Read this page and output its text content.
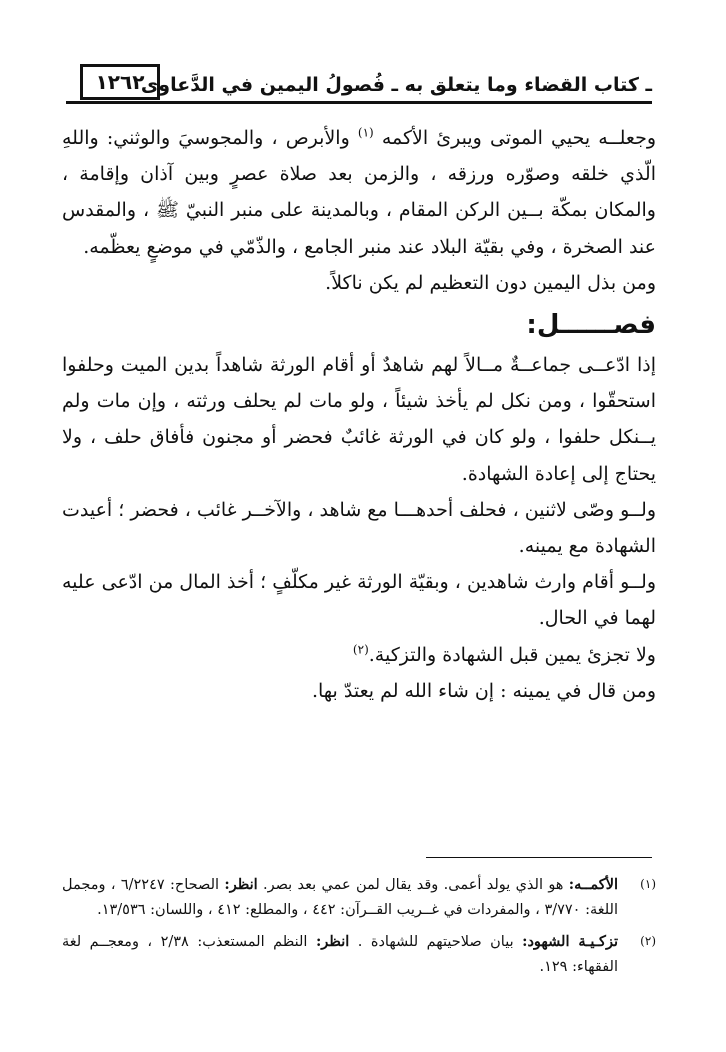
١٢٦٢
ـ كتاب القضاء وما يتعلق به ـ فُصولُ اليمين في الدَّعاوى

وجعلــه يحيي الموتى ويبرئ الأكمه $^{(١)}$ والأبرص ، والمجوسيَ والوثني: واللهِ الّذي خلقه وصوّره ورزقه ، والزمن بعد صلاة عصرٍ وبين آذان وإقامة ، والمكان بمكّة بــين الركن المقام ، وبالمدينة على منبر النبيّ ﷺ ، والمقدس عند الصخرة ، وفي بقيّة البلاد عند منبر الجامع ، والذّمّي في موضعٍ يعظّمه.

ومن بذل اليمين دون التعظيم لم يكن ناكلاً.

فصــــــل:

إذا ادّعــى جماعــةٌ مــالاً لهم شاهدٌ أو أقام الورثة شاهداً بدين الميت وحلفوا استحقّوا ، ومن نكل لم يأخذ شيئاً ، ولو مات لم يحلف ورثته ، وإن مات ولم يــنكل حلفوا ، ولو كان في الورثة غائبٌ فحضر أو مجنون فأفاق حلف ، ولا يحتاج إلى إعادة الشهادة.

ولــو وصّى لاثنين ، فحلف أحدهـــا مع شاهد ، والآخــر غائب ، فحضر ؛ أعيدت الشهادة مع يمينه.

ولــو أقام وارث شاهدين ، وبقيّة الورثة غير مكلّفٍ ؛ أخذ المال من ادّعى عليه لهما في الحال.

ولا تجزئ يمين قبل الشهادة والتزكية.$^{(٢)}$

ومن قال في يمينه : إن شاء الله لم يعتدّ بها.

(١)
الأكمــه: هو الذي يولد أعمى. وقد يقال لمن عمي بعد بصر. انظر: الصحاح: ٦/٢٢٤٧ ، ومجمل اللغة: ٣/٧٧٠ ، والمفردات في غــريب القــرآن: ٤٤٢ ، والمطلع: ٤١٢ ، واللسان: ١٣/٥٣٦.
(٢)
تزكـيـة الشهود: بيان صلاحيتهم للشهادة . انظر: النظم المستعذب: ٢/٣٨ ، ومعجــم لغة الفقهاء: ١٢٩.
